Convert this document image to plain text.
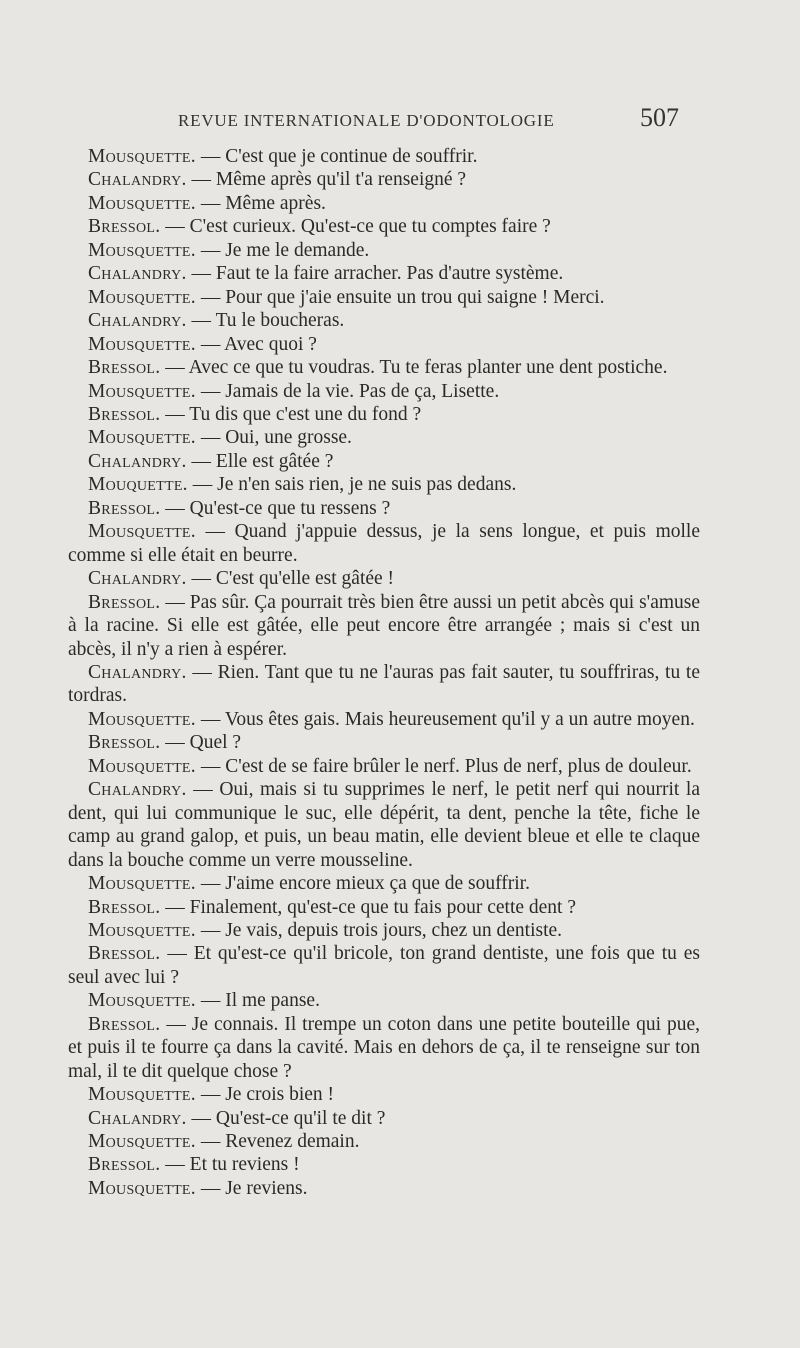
REVUE INTERNATIONALE D'ODONTOLOGIE	507

Mousquette. — C'est que je continue de souffrir.

Chalandry. — Même après qu'il t'a renseigné ?

Mousquette. — Même après.

Bressol. — C'est curieux. Qu'est-ce que tu comptes faire ?

Mousquette. — Je me le demande.

Chalandry. — Faut te la faire arracher. Pas d'autre système.

Mousquette. — Pour que j'aie ensuite un trou qui saigne ! Merci.

Chalandry. — Tu le boucheras.

Mousquette. — Avec quoi ?

Bressol. — Avec ce que tu voudras. Tu te feras planter une dent postiche.

Mousquette. — Jamais de la vie. Pas de ça, Lisette.

Bressol. — Tu dis que c'est une du fond ?

Mousquette. — Oui, une grosse.

Chalandry. — Elle est gâtée ?

Mouquette. — Je n'en sais rien, je ne suis pas dedans.

Bressol. — Qu'est-ce que tu ressens ?

Mousquette. — Quand j'appuie dessus, je la sens longue, et puis molle comme si elle était en beurre.

Chalandry. — C'est qu'elle est gâtée !

Bressol. — Pas sûr. Ça pourrait très bien être aussi un petit abcès qui s'amuse à la racine. Si elle est gâtée, elle peut encore être arrangée ; mais si c'est un abcès, il n'y a rien à espérer.

Chalandry. — Rien. Tant que tu ne l'auras pas fait sauter, tu souffriras, tu te tordras.

Mousquette. — Vous êtes gais. Mais heureusement qu'il y a un autre moyen.

Bressol. — Quel ?

Mousquette. — C'est de se faire brûler le nerf. Plus de nerf, plus de douleur.

Chalandry. — Oui, mais si tu supprimes le nerf, le petit nerf qui nourrit la dent, qui lui communique le suc, elle dépérit, ta dent, penche la tête, fiche le camp au grand galop, et puis, un beau matin, elle devient bleue et elle te claque dans la bouche comme un verre mousseline.

Mousquette. — J'aime encore mieux ça que de souffrir.

Bressol. — Finalement, qu'est-ce que tu fais pour cette dent ?

Mousquette. — Je vais, depuis trois jours, chez un dentiste.

Bressol. — Et qu'est-ce qu'il bricole, ton grand dentiste, une fois que tu es seul avec lui ?

Mousquette. — Il me panse.

Bressol. — Je connais. Il trempe un coton dans une petite bouteille qui pue, et puis il te fourre ça dans la cavité. Mais en dehors de ça, il te renseigne sur ton mal, il te dit quelque chose ?

Mousquette. — Je crois bien !

Chalandry. — Qu'est-ce qu'il te dit ?

Mousquette. — Revenez demain.

Bressol. — Et tu reviens !

Mousquette. — Je reviens.
